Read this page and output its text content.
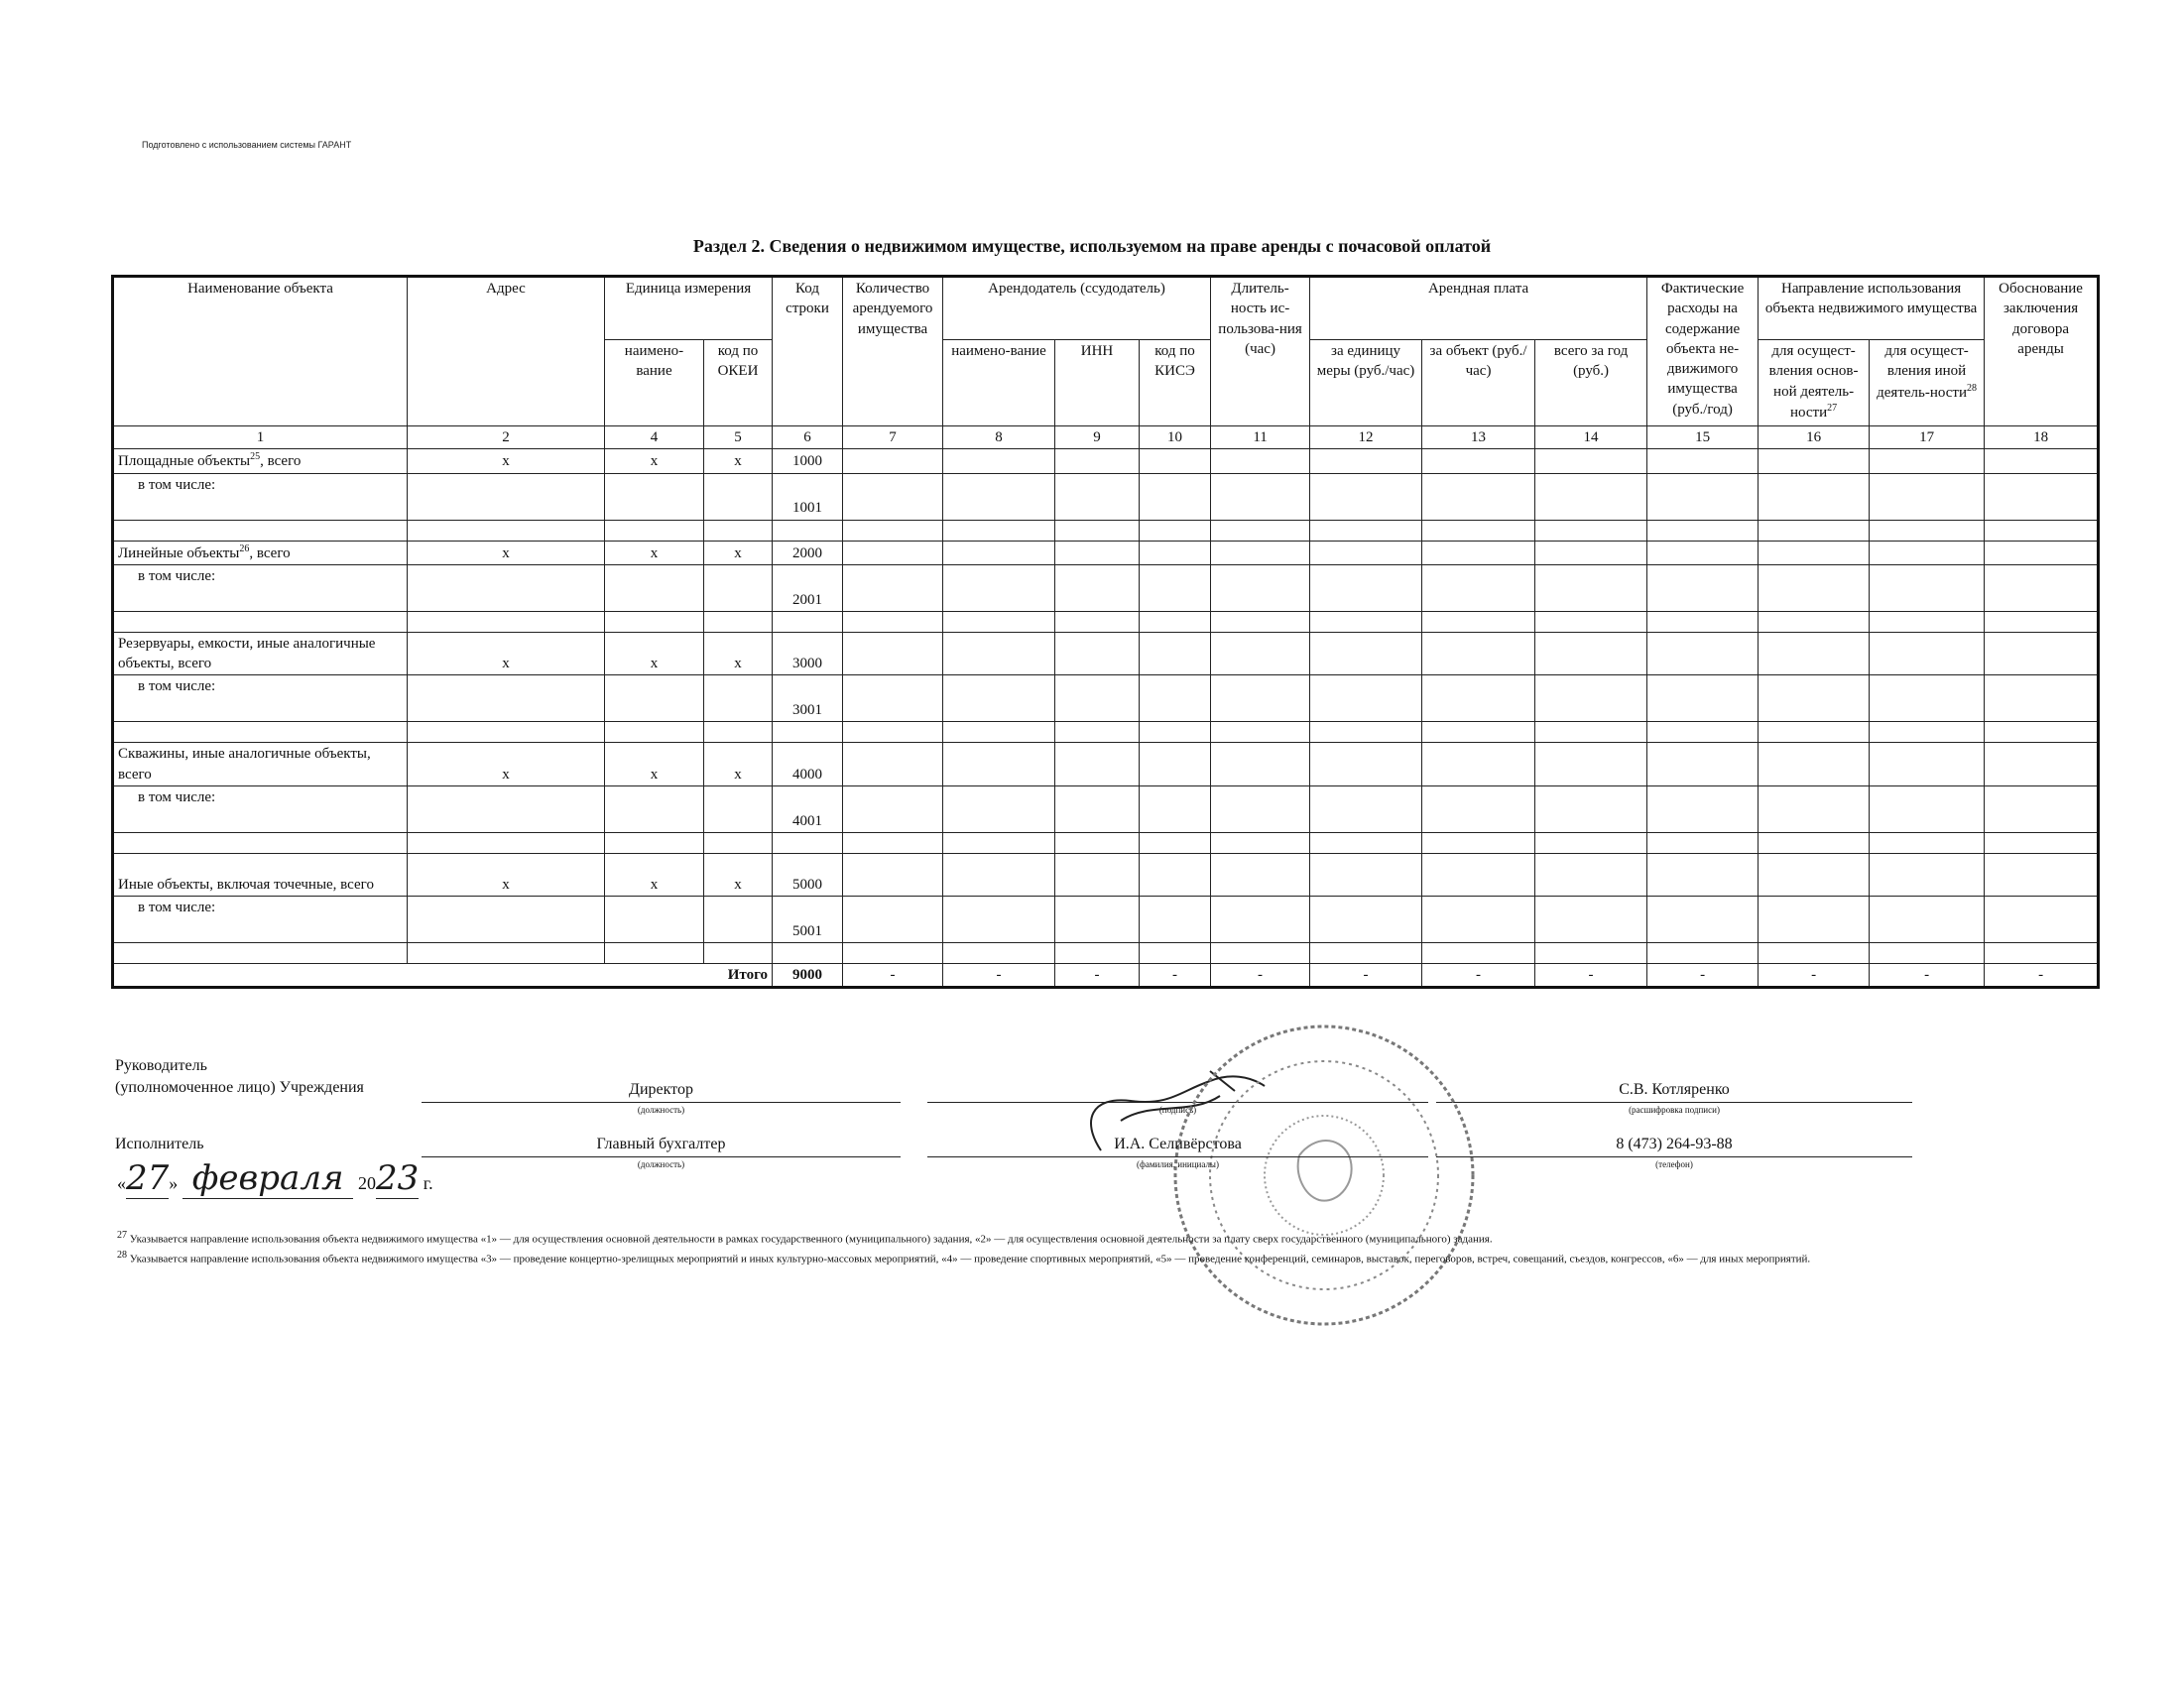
Подготовлено с использованием системы ГАРАНТ
Раздел 2. Сведения о недвижимом имуществе, используемом на праве аренды с почасовой оплатой
Наименование объекта	Адрес	Единица измерения		Код строки	Количество арендуемого имущества	Арендодатель (ссудодатель)			Длитель-ность ис-пользова-ния (час)	Арендная плата			Фактические расходы на содержание объекта не-движимого имущества (руб./год)	Направление использования объекта недвижимого имущества		Обоснование заключения договора аренды
		наимено-вание	код по ОКЕИ			наимено-вание	ИНН	код по КИСЭ		за единицу меры (руб./час)	за объект (руб./час)	всего за год (руб.)		для осущест-вления основ-ной деятель-ности$^{27}$	для осущест-вления иной деятель-ности$^{28}$
1	2	4	5	6	7	8	9	10	11	12	13	14	15	16	17	18
Площадные объекты$^{25}$, всего	x	x	x	1000												
в том числе:				1001												

Линейные объекты$^{26}$, всего	x	x	x	2000												
в том числе:				2001												

Резервуары, емкости, иные аналогичные объекты, всего	x	x	x	3000												
в том числе:				3001												

Скважины, иные аналогичные объекты, всего	x	x	x	4000												
в том числе:				4001												

Иные объекты, включая точечные, всего	x	x	x	5000												
в том числе:				5001												

Итого				9000	-	-	-	-	-	-	-	-	-	-	-	-
Руководитель
(уполномоченное лицо) Учреждения	Директор
(должность)	(подпись)
С.В. Котляренко
(расшифровка подписи)
Исполнитель	Главный бухгалтер
(должность)
И.А. Селивёрстова
(фамилия, инициалы)
8 (473) 264-93-88
(телефон)
«27» февраля 2023 г.
27 Указывается направление использования объекта недвижимого имущества «1» — для осуществления основной деятельности в рамках государственного (муниципального) задания, «2» — для осуществления основной деятельности за плату сверх государственного (муниципального) задания.
28 Указывается направление использования объекта недвижимого имущества «3» — проведение концертно-зрелищных мероприятий и иных культурно-массовых мероприятий, «4» — проведение спортивных мероприятий, «5» — проведение конференций, семинаров, выставок, переговоров, встреч, совещаний, съездов, конгрессов, «6» — для иных мероприятий.
